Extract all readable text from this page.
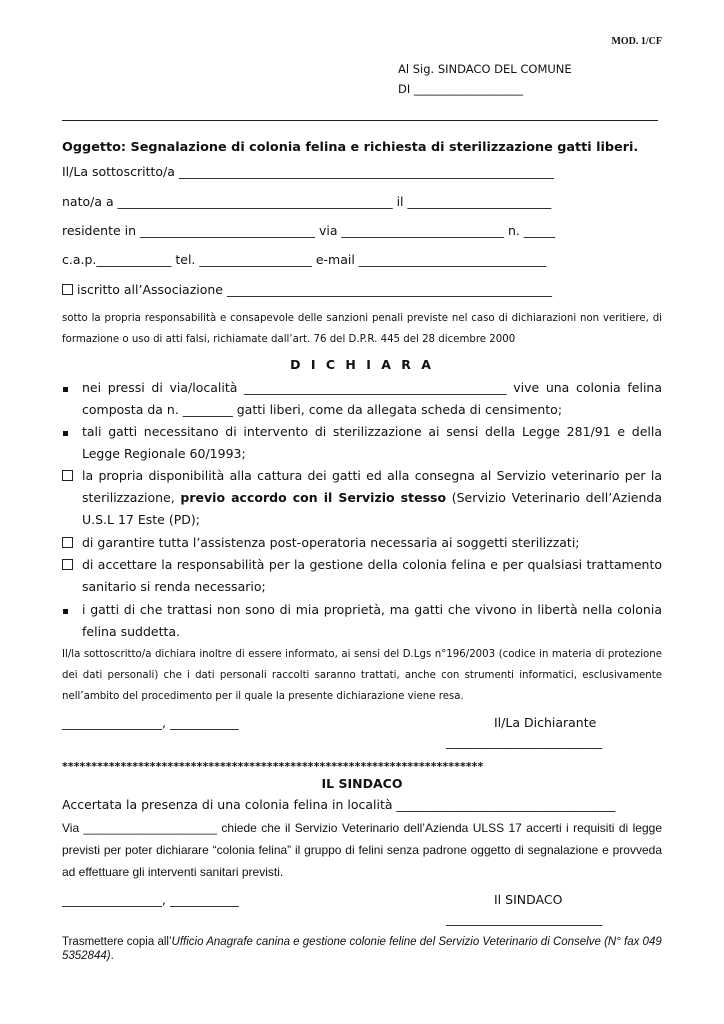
MOD. 1/CF
Al Sig. SINDACO DEL COMUNE
DI ___________________
Oggetto: Segnalazione di colonia felina e richiesta di sterilizzazione gatti liberi.
Il/La sottoscritto/a ____________________________________________________________
nato/a a ____________________________________________ il _______________________
residente in ____________________________ via __________________________ n. _____
c.a.p.____________ tel. __________________ e-mail ______________________________
iscritto all’Associazione ____________________________________________________
sotto la propria responsabilità e consapevole delle sanzioni penali previste nel caso di dichiarazioni non veritiere, di formazione o uso di atti falsi, richiamate dall’art. 76 del D.P.R. 445 del 28 dicembre 2000
D I C H I A R A
nei pressi di via/località __________________________________________ vive una colonia felina composta da n. ________ gatti liberi, come da allegata scheda di censimento;
tali gatti necessitano di intervento di sterilizzazione ai sensi della Legge 281/91 e della Legge Regionale 60/1993;
la propria disponibilità alla cattura dei gatti ed alla consegna al Servizio veterinario per la sterilizzazione, previo accordo con il Servizio stesso (Servizio Veterinario dell’Azienda U.S.L 17 Este (PD);
di garantire tutta l’assistenza post-operatoria necessaria ai soggetti sterilizzati;
di accettare la responsabilità per la gestione della colonia felina e per qualsiasi trattamento sanitario si renda necessario;
i gatti di che trattasi non sono di mia proprietà, ma gatti che vivono in libertà nella colonia felina suddetta.
Il/la sottoscritto/a dichiara inoltre di essere informato, ai sensi del D.Lgs n°196/2003 (codice in materia di protezione dei dati personali) che i dati personali raccolti saranno trattati, anche con strumenti informatici, esclusivamente nell’ambito del procedimento per il quale la presente dichiarazione viene resa.
________________, ___________	Il/La Dichiarante
_________________________
************************************************************************
IL SINDACO
Accertata la presenza di una colonia felina in località ___________________________________
Via ____________________ chiede che il Servizio Veterinario dell’Azienda ULSS 17 accerti i requisiti di legge previsti per poter dichiarare “colonia felina” il gruppo di felini senza padrone oggetto di segnalazione e provveda ad effettuare gli interventi sanitari previsti.
________________, ___________	Il SINDACO
_________________________
Trasmettere copia all’Ufficio Anagrafe canina e gestione colonie feline del Servizio Veterinario di Conselve (N° fax 049 5352844).
